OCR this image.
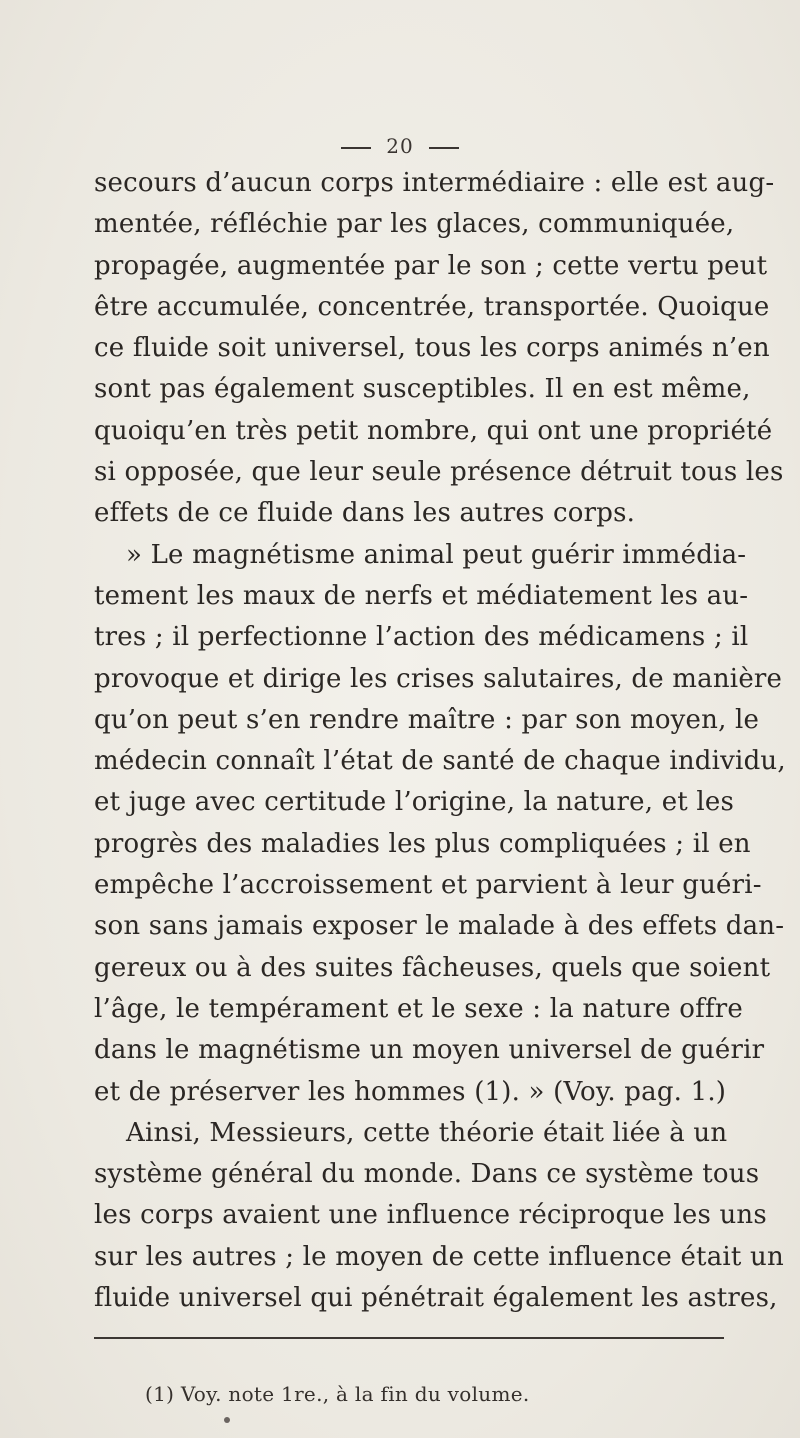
20
secours d’aucun corps intermédiaire : elle est aug-
mentée, réfléchie par les glaces, communiquée,
propagée, augmentée par le son ; cette vertu peut
être accumulée, concentrée, transportée. Quoique
ce fluide soit universel, tous les corps animés n’en
sont pas également susceptibles. Il en est même,
quoiqu’en très petit nombre, qui ont une propriété
si opposée, que leur seule présence détruit tous les
effets de ce fluide dans les autres corps.
» Le magnétisme animal peut guérir immédia-
tement les maux de nerfs et médiatement les au-
tres ; il perfectionne l’action des médicamens ; il
provoque et dirige les crises salutaires, de manière
qu’on peut s’en rendre maître : par son moyen, le
médecin connaît l’état de santé de chaque individu,
et juge avec certitude l’origine, la nature, et les
progrès des maladies les plus compliquées ; il en
empêche l’accroissement et parvient à leur guéri-
son sans jamais exposer le malade à des effets dan-
gereux ou à des suites fâcheuses, quels que soient
l’âge, le tempérament et le sexe : la nature offre
dans le magnétisme un moyen universel de guérir
et de préserver les hommes (1). » (Voy. pag. 1.)
Ainsi, Messieurs, cette théorie était liée à un
système général du monde. Dans ce système tous
les corps avaient une influence réciproque les uns
sur les autres ; le moyen de cette influence était un
fluide universel qui pénétrait également les astres,
(1) Voy. note 1re., à la fin du volume.
